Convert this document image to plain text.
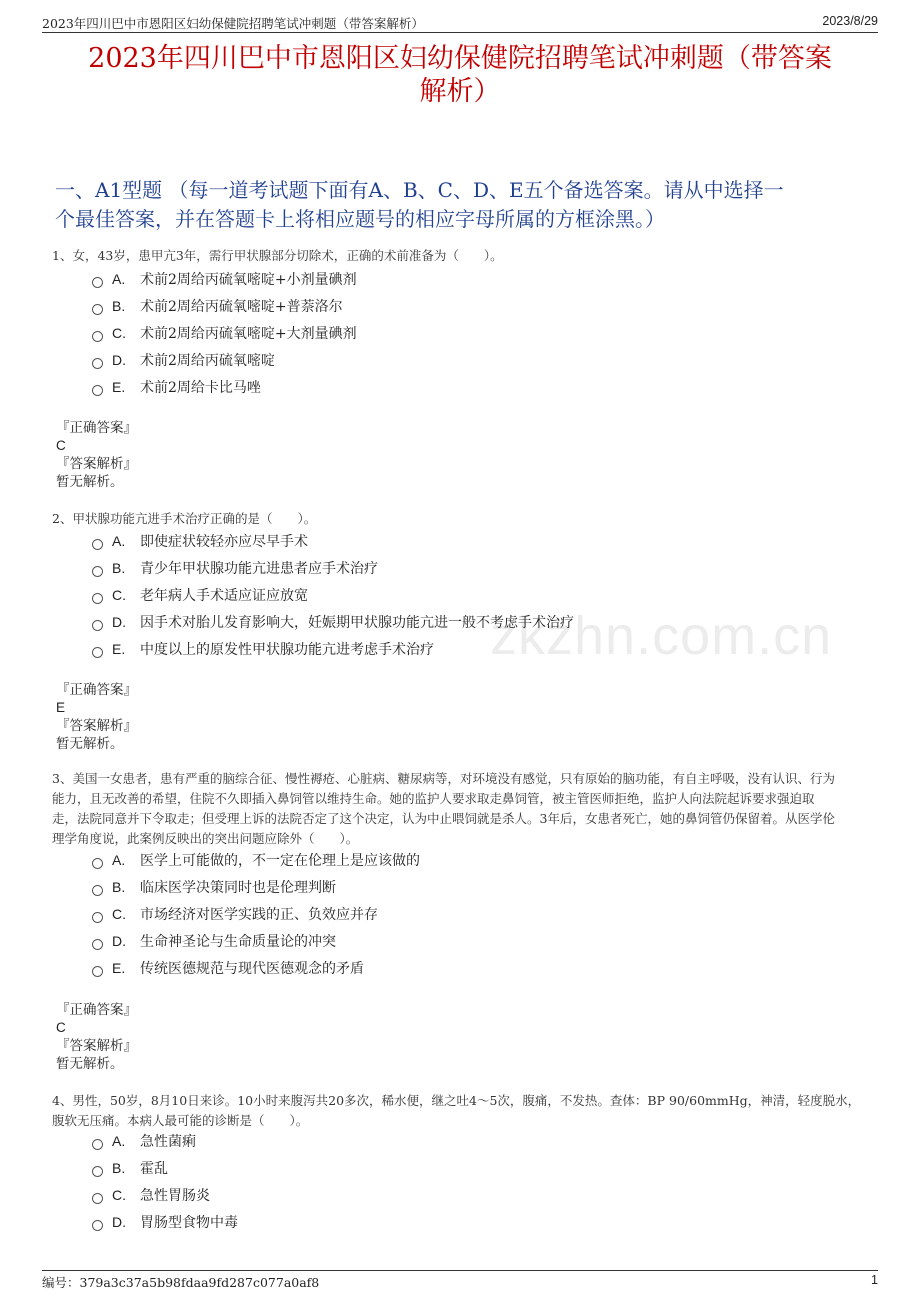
2023年四川巴中市恩阳区妇幼保健院招聘笔试冲刺题（带答案解析）	2023/8/29
2023年四川巴中市恩阳区妇幼保健院招聘笔试冲刺题（带答案
解析）
一、A1型题 （每一道考试题下面有A、B、C、D、E五个备选答案。请从中选择一
个最佳答案，并在答题卡上将相应题号的相应字母所属的方框涂黑。）
zkzhn.com.cn
1、女，43岁，患甲亢3年，需行甲状腺部分切除术，正确的术前准备为（　　）。
A. 术前2周给丙硫氧嘧啶+小剂量碘剂
B. 术前2周给丙硫氧嘧啶+普萘洛尔
C. 术前2周给丙硫氧嘧啶+大剂量碘剂
D. 术前2周给丙硫氧嘧啶
E. 术前2周给卡比马唑
『正确答案』
C
『答案解析』
暂无解析。
2、甲状腺功能亢进手术治疗正确的是（　　）。
A. 即使症状较轻亦应尽早手术
B. 青少年甲状腺功能亢进患者应手术治疗
C. 老年病人手术适应证应放宽
D. 因手术对胎儿发育影响大，妊娠期甲状腺功能亢进一般不考虑手术治疗
E. 中度以上的原发性甲状腺功能亢进考虑手术治疗
『正确答案』
E
『答案解析』
暂无解析。
3、美国一女患者，患有严重的脑综合征、慢性褥疮、心脏病、糖尿病等，对环境没有感觉，只有原始的脑功能，有自主呼吸，没有认识、行为
能力，且无改善的希望，住院不久即插入鼻饲管以维持生命。她的监护人要求取走鼻饲管，被主管医师拒绝，监护人向法院起诉要求强迫取
走，法院同意并下令取走；但受理上诉的法院否定了这个决定，认为中止喂饲就是杀人。3年后，女患者死亡，她的鼻饲管仍保留着。从医学伦
理学角度说，此案例反映出的突出问题应除外（　　）。
A. 医学上可能做的，不一定在伦理上是应该做的
B. 临床医学决策同时也是伦理判断
C. 市场经济对医学实践的正、负效应并存
D. 生命神圣论与生命质量论的冲突
E. 传统医德规范与现代医德观念的矛盾
『正确答案』
C
『答案解析』
暂无解析。
4、男性，50岁，8月10日来诊。10小时来腹泻共20多次，稀水便，继之吐4～5次，腹痛，不发热。查体：BP 90/60mmHg，神清，轻度脱水，
腹软无压痛。本病人最可能的诊断是（　　）。
A. 急性菌痢
B. 霍乱
C. 急性胃肠炎
D. 胃肠型食物中毒
编号：379a3c37a5b98fdaa9fd287c077a0af8	1
